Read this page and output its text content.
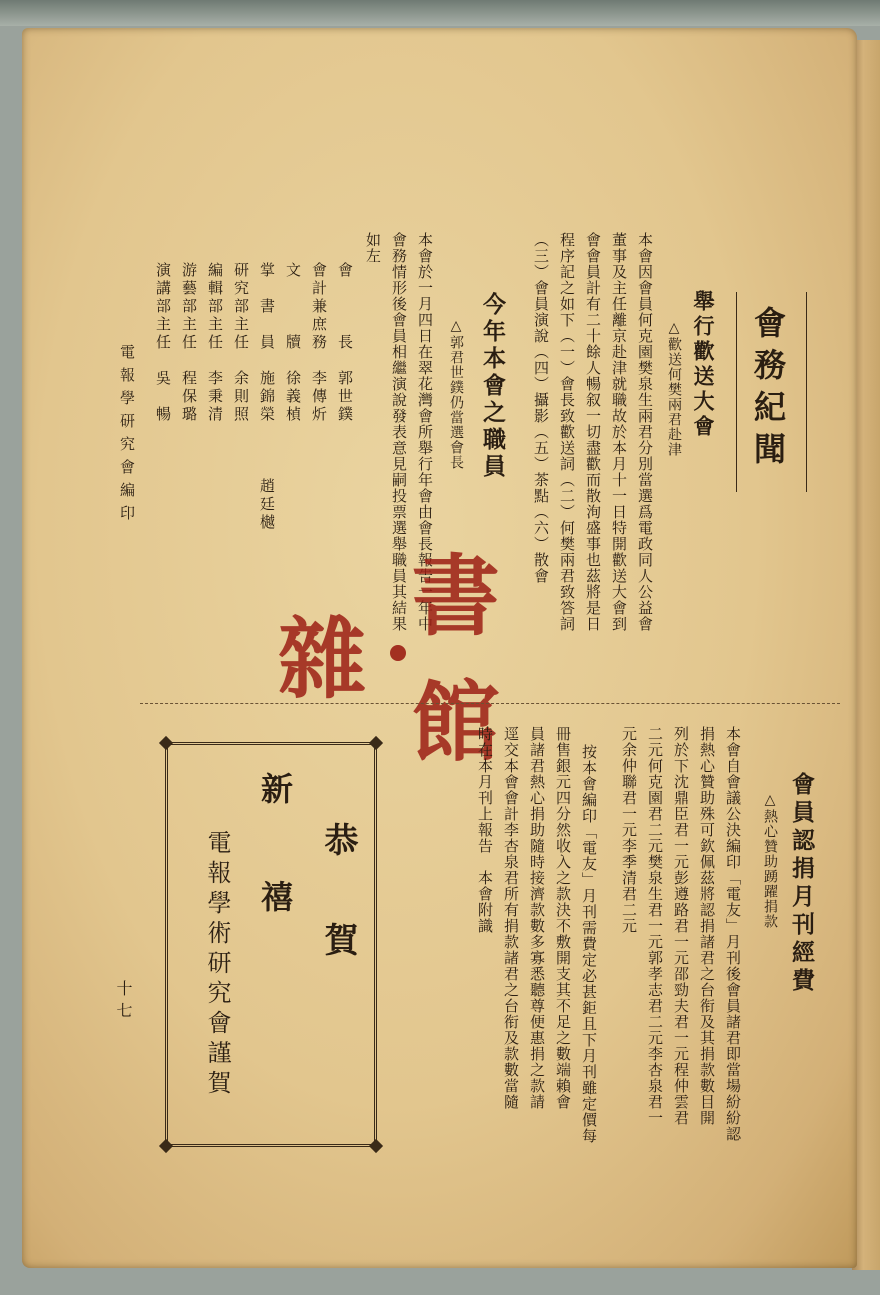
會務紀聞
舉行歡送大會
△歡送何樊兩君赴津
本會因會員何克園樊泉生兩君分別當選爲電政同人公益會
董事及主任離京赴津就職故於本月十一日特開歡送大會到
會會員計有二十餘人暢叙一切盡歡而散洵盛事也茲將是日
程序記之如下（一）會長致歡送詞（二）何樊兩君致答詞
（三）會員演說（四）攝影（五）茶點（六）散會
今年本會之職員
△郭君世鏷仍當選會長
本會於一月四日在翠花灣會所舉行年會由會長報告一年中
會務情形後會員相繼演說發表意見嗣投票選舉職員其結果
如左
會　　　長　郭世鏷
會計兼庶務　李傳炘
文　　　牘　徐義楨
掌　書　員　施錦榮　　　趙廷樾
研究部主任　余則照
編輯部主任　李秉清
游藝部主任　程保璐
演講部主任　吳　暢
電報學研究會編印
雜
書館
恭　賀
新　禧
電報學術研究會謹賀	會員認捐月刊經費
△熱心贊助踴躍捐款
本會自會議公決編印「電友」月刊後會員諸君即當場紛紛認
捐熱心贊助殊可欽佩茲將認捐諸君之台衔及其捐款數目開
列於下沈鼎臣君一元彭遵路君一元邵勁夫君一元程仲雲君
二元何克園君二元樊泉生君一元郭孝志君二元李杏泉君一
元余仲聯君一元李季清君二元
按本會編印「電友」月刊需費定必甚鉅且下月刊雖定價每
冊售銀元四分然收入之款決不敷開支其不足之數端賴會
員諸君熱心捐助隨時接濟款數多寡悉聽尊便惠捐之款請
逕交本會會計李杏泉君所有捐款諸君之台衔及款數當隨
時在本月刊上報告　本會附識
十七
